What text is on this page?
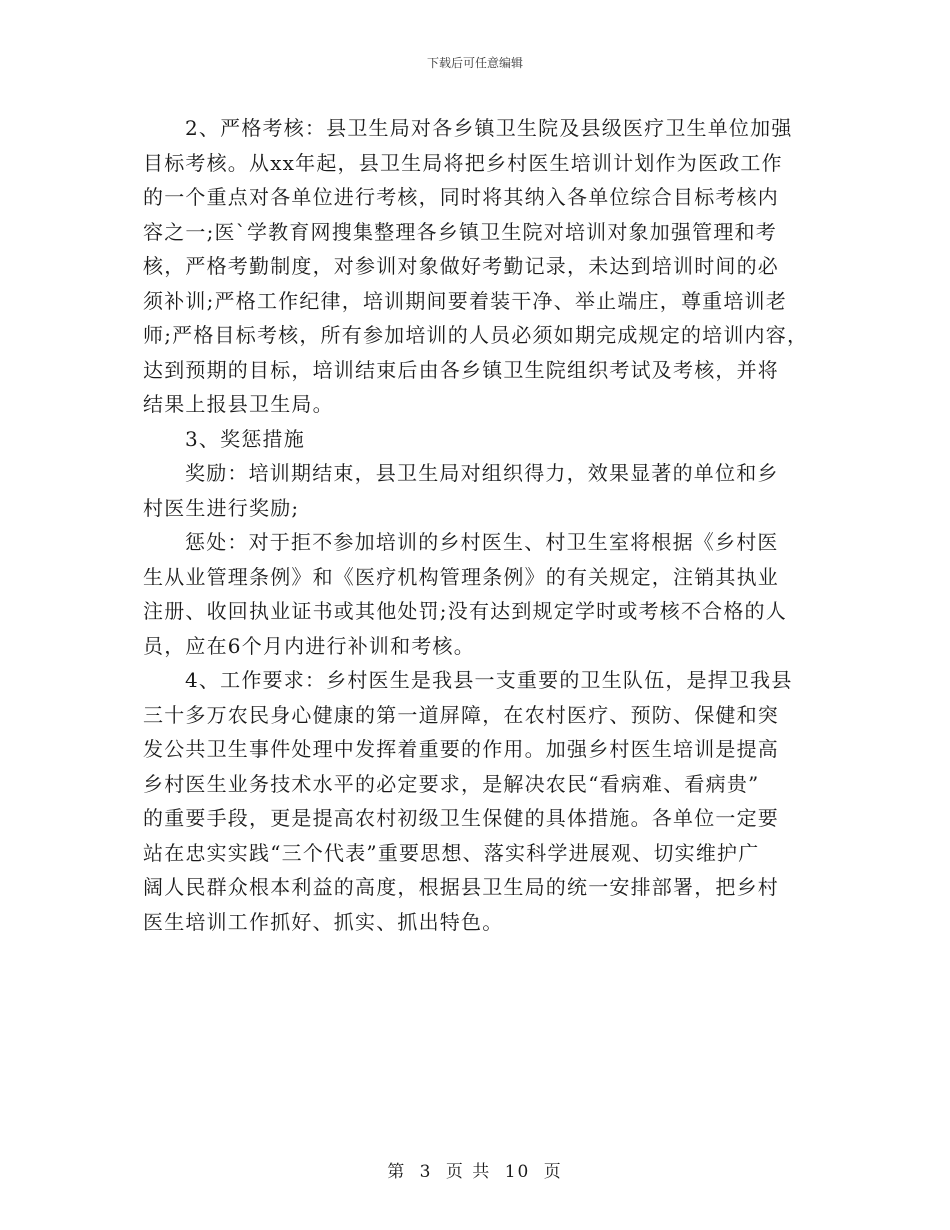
下载后可任意编辑
2、严格考核：县卫生局对各乡镇卫生院及县级医疗卫生单位加强
目标考核。从xx年起，县卫生局将把乡村医生培训计划作为医政工作
的一个重点对各单位进行考核，同时将其纳入各单位综合目标考核内
容之一;医`学教育网搜集整理各乡镇卫生院对培训对象加强管理和考
核，严格考勤制度，对参训对象做好考勤记录，未达到培训时间的必
须补训;严格工作纪律，培训期间要着装干净、举止端庄，尊重培训老
师;严格目标考核，所有参加培训的人员必须如期完成规定的培训内容，
达到预期的目标，培训结束后由各乡镇卫生院组织考试及考核，并将
结果上报县卫生局。
3、奖惩措施
奖励：培训期结束，县卫生局对组织得力，效果显著的单位和乡
村医生进行奖励;
惩处：对于拒不参加培训的乡村医生、村卫生室将根据《乡村医
生从业管理条例》和《医疗机构管理条例》的有关规定，注销其执业
注册、收回执业证书或其他处罚;没有达到规定学时或考核不合格的人
员，应在6个月内进行补训和考核。
4、工作要求：乡村医生是我县一支重要的卫生队伍，是捍卫我县
三十多万农民身心健康的第一道屏障，在农村医疗、预防、保健和突
发公共卫生事件处理中发挥着重要的作用。加强乡村医生培训是提高
乡村医生业务技术水平的必定要求，是解决农民“看病难、看病贵”
的重要手段，更是提高农村初级卫生保健的具体措施。各单位一定要
站在忠实实践“三个代表”重要思想、落实科学进展观、切实维护广
阔人民群众根本利益的高度，根据县卫生局的统一安排部署，把乡村
医生培训工作抓好、抓实、抓出特色。
第 3 页 共 10 页
